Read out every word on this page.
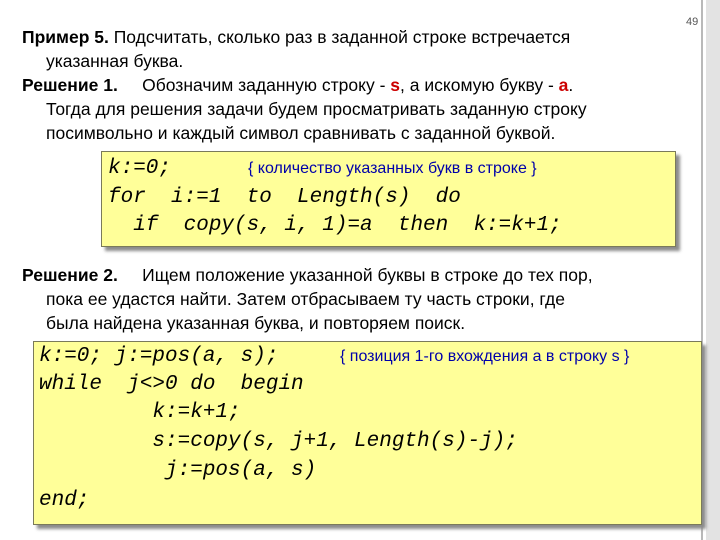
49
Пример 5. Подсчитать, сколько раз в заданной строке встречается
указанная буква.
Решение 1.     Обозначим заданную строку - s, а искомую букву - a.
Тогда для решения задачи будем просматривать заданную строку
посимвольно и каждый символ сравнивать с заданной буквой.
k:=0;	{ количество указанных букв в строке }
for  i:=1  to  Length(s)  do
if  copy(s, i, 1)=a  then  k:=k+1;
Решение 2.     Ищем положение указанной буквы в строке до тех пор,
пока ее удастся найти. Затем отбрасываем ту часть строки, где
была найдена указанная буква, и повторяем поиск.
k:=0; j:=pos(a, s);	{ позиция 1-го вхождения а в строку s }
while  j<>0 do  begin
k:=k+1;
s:=copy(s, j+1, Length(s)-j);
j:=pos(a, s)
end;
